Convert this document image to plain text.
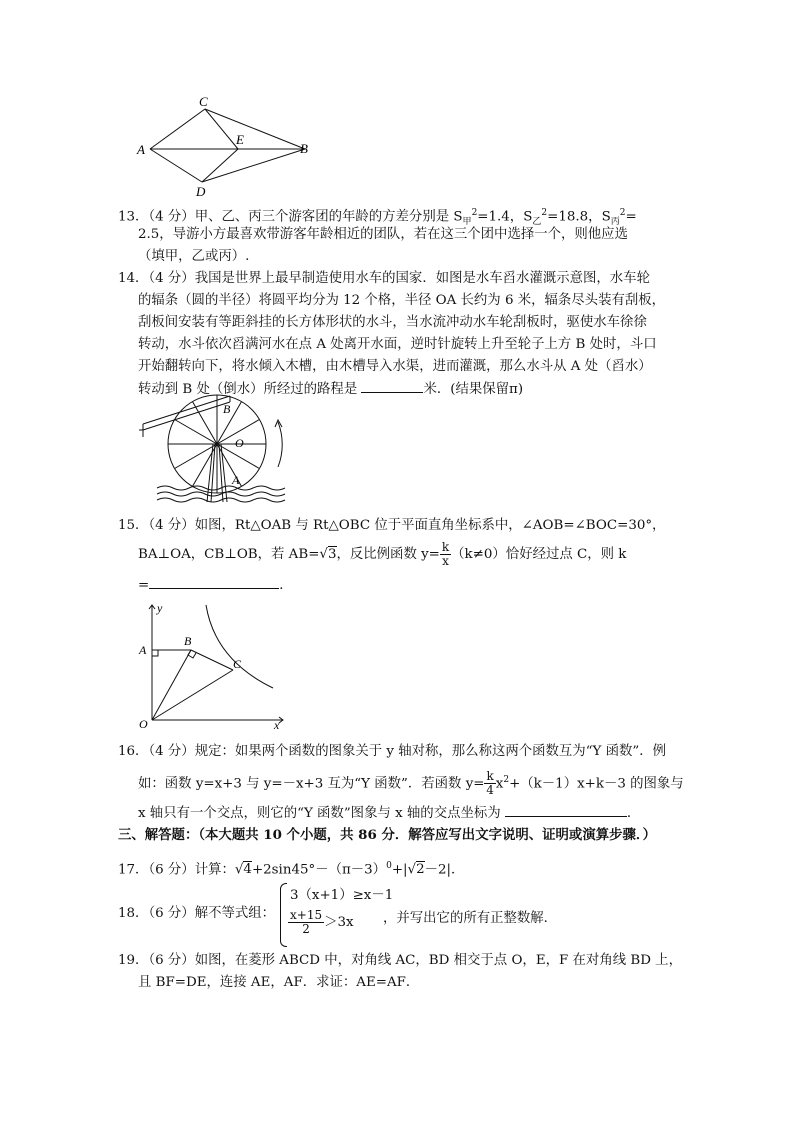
C
A
E
B
D
13．（4 分）甲、乙、丙三个游客团的年龄的方差分别是 $S_甲^2=1.4$，$S_乙^2=18.8$，$S_丙^2=$
2.5，导游小方最喜欢带游客年龄相近的团队，若在这三个团中选择一个，则他应选
（填甲，乙或丙）.
14．（4 分）我国是世界上最早制造使用水车的国家．如图是水车舀水灌溉示意图，水车轮
的辐条（圆的半径）将圆平均分为 12 个格，半径 OA 长约为 6 米，辐条尽头装有刮板，
刮板间安装有等距斜挂的长方体形状的水斗，当水流冲动水车轮刮板时，驱使水车徐徐
转动，水斗依次舀满河水在点 A 处离开水面，逆时针旋转上升至轮子上方 B 处时，斗口
开始翻转向下，将水倾入木槽，由木槽导入水渠，进而灌溉，那么水斗从 A 处（舀水）
转动到 B 处（倒水）所经过的路程是	米．(结果保留π)
B
O
A
15．（4 分）如图，Rt△OAB 与 Rt△OBC 位于平面直角坐标系中，∠AOB=∠BOC=30°，
BA⊥OA，CB⊥OB，若 AB=√3，反比例函数 $y= \frac{k}{x} (k\ne 0)$恰好经过点 C，则 k
=	．
y
A
B
C
O	x
16．（4 分）规定：如果两个函数的图象关于 y 轴对称，那么称这两个函数互为“Y 函数”．例
如：函数 y=x+3 与 y=－x+3 互为“Y 函数”．若函数 $y= \frac{k}{4} x^2+(k-1)x+k-3$ 的图象与
x 轴只有一个交点，则它的“Y 函数”图象与 x 轴的交点坐标为	．
三、解答题：（本大题共 10 个小题，共 86 分．解答应写出文字说明、证明或演算步骤．）
17．（6 分）计算：$√4+2\sin 45^\circ-(\pi-3)^0+|√2-2|$．
18．（6 分）解不等式组：
3（x+1）≥x－1
$\frac{x+15}{2} >3x$ ，并写出它的所有正整数解．
19．（6 分）如图，在菱形 ABCD 中，对角线 AC，BD 相交于点 O，E，F 在对角线 BD 上，
且 BF=DE，连接 AE，AF．求证：AE=AF．
